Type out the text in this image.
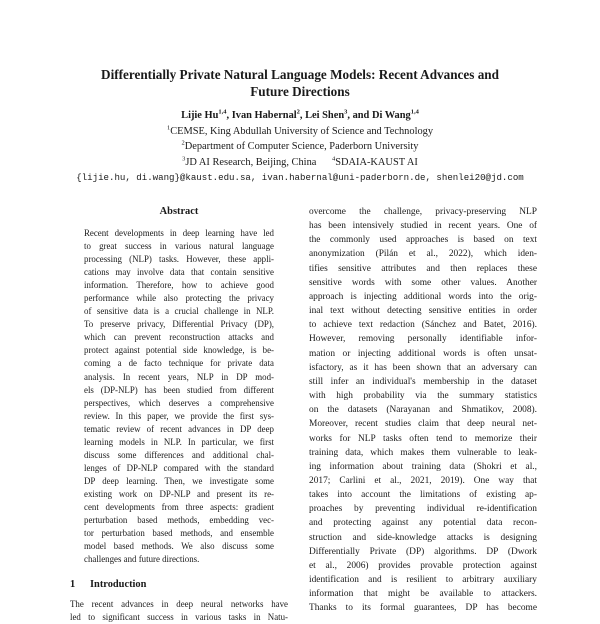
Differentially Private Natural Language Models: Recent Advances and
Future Directions
Lijie Hu$^{1,4}$, Ivan Habernal$^2$, Lei Shen$^3$, and Di Wang$^{1,4}$
$^1$CEMSE, King Abdullah University of Science and Technology
$^2$Department of Computer Science, Paderborn University
$^3$JD AI Research, Beijing, China $^4$SDAIA-KAUST AI
{lijie.hu, di.wang}@kaust.edu.sa, ivan.habernal@uni-paderborn.de, shenlei20@jd.com
Abstract
Recent developments in deep learning have led
to great success in various natural language
processing (NLP) tasks. However, these appli-
cations may involve data that contain sensitive
information. Therefore, how to achieve good
performance while also protecting the privacy
of sensitive data is a crucial challenge in NLP.
To preserve privacy, Differential Privacy (DP),
which can prevent reconstruction attacks and
protect against potential side knowledge, is be-
coming a de facto technique for private data
analysis. In recent years, NLP in DP mod-
els (DP-NLP) has been studied from different
perspectives, which deserves a comprehensive
review. In this paper, we provide the first sys-
tematic review of recent advances in DP deep
learning models in NLP. In particular, we first
discuss some differences and additional chal-
lenges of DP-NLP compared with the standard
DP deep learning. Then, we investigate some
existing work on DP-NLP and present its re-
cent developments from three aspects: gradient
perturbation based methods, embedding vec-
tor perturbation based methods, and ensemble
model based methods. We also discuss some
challenges and future directions.
1 Introduction
The recent advances in deep neural networks have
led to significant success in various tasks in Natu-
overcome the challenge, privacy-preserving NLP
has been intensively studied in recent years. One of
the commonly used approaches is based on text
anonymization (Pilán et al., 2022), which iden-
tifies sensitive attributes and then replaces these
sensitive words with some other values. Another
approach is injecting additional words into the orig-
inal text without detecting sensitive entities in order
to achieve text redaction (Sánchez and Batet, 2016).
However, removing personally identifiable infor-
mation or injecting additional words is often unsat-
isfactory, as it has been shown that an adversary can
still infer an individual's membership in the dataset
with high probability via the summary statistics
on the datasets (Narayanan and Shmatikov, 2008).
Moreover, recent studies claim that deep neural net-
works for NLP tasks often tend to memorize their
training data, which makes them vulnerable to leak-
ing information about training data (Shokri et al.,
2017; Carlini et al., 2021, 2019). One way that
takes into account the limitations of existing ap-
proaches by preventing individual re-identification
and protecting against any potential data recon-
struction and side-knowledge attacks is designing
Differentially Private (DP) algorithms. DP (Dwork
et al., 2006) provides provable protection against
identification and is resilient to arbitrary auxiliary
information that might be available to attackers.
Thanks to its formal guarantees, DP has become
